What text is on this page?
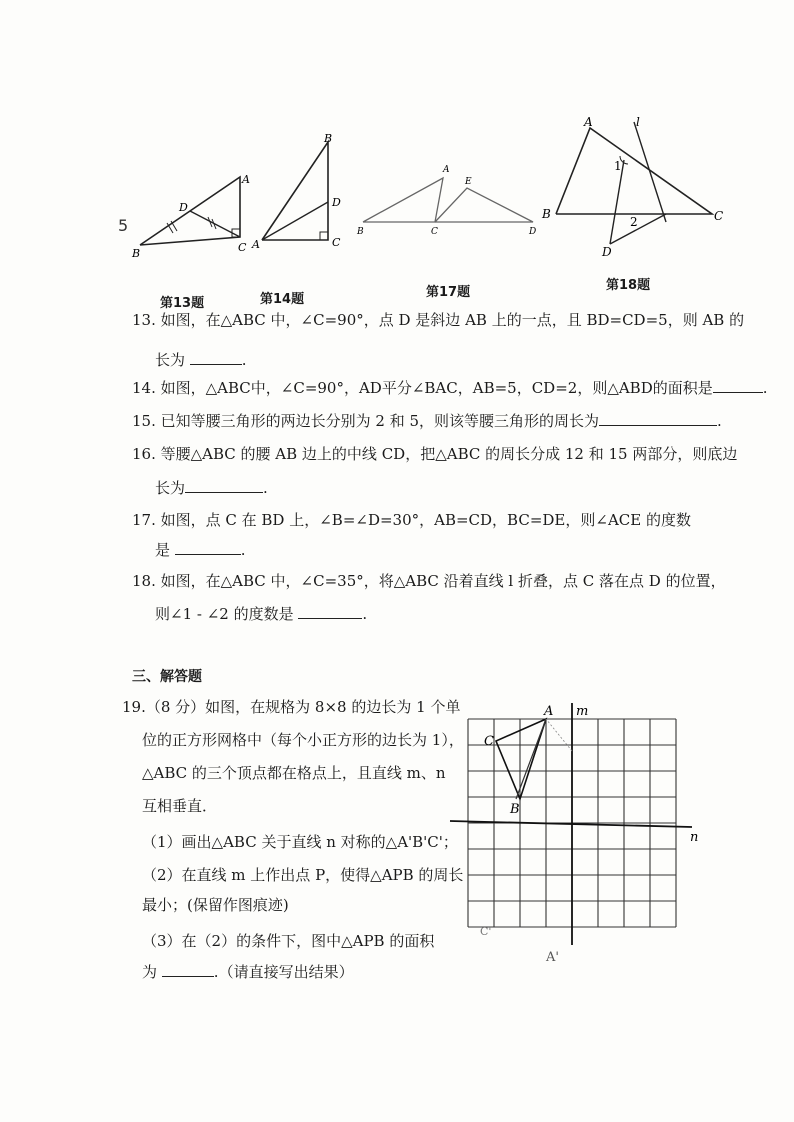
A
B	C
D
5
第13题
B
A	C
D
第14题
A
E
B	C	D
第17题
A	l
B	C
D
1
2
第18题
13. 如图，在△ABC 中，∠C=90°，点 D 是斜边 AB 上的一点，且 BD=CD=5，则 AB 的
长为	.
14. 如图，△ABC中，∠C=90°，AD平分∠BAC，AB=5，CD=2，则△ABD的面积是	.
15. 已知等腰三角形的两边长分别为 2 和 5，则该等腰三角形的周长为	.
16. 等腰△ABC 的腰 AB 边上的中线 CD，把△ABC 的周长分成 12 和 15 两部分，则底边
长为	.
17. 如图，点 C 在 BD 上，∠B=∠D=30°，AB=CD，BC=DE，则∠ACE 的度数
是	.
18. 如图，在△ABC 中，∠C=35°，将△ABC 沿着直线 l 折叠，点 C 落在点 D 的位置，
则∠1 - ∠2 的度数是	.
三、解答题
19.（8 分）如图，在规格为 8×8 的边长为 1 个单
位的正方形网格中（每个小正方形的边长为 1），
△ABC 的三个顶点都在格点上，且直线 m、n
互相垂直．
（1）画出△ABC 关于直线 n 对称的△A'B'C'；
（2）在直线 m 上作出点 P，使得△APB 的周长
最小；(保留作图痕迹)
（3）在（2）的条件下，图中△APB 的面积
为	.（请直接写出结果）
A
C
B
m
n
A'
C'
